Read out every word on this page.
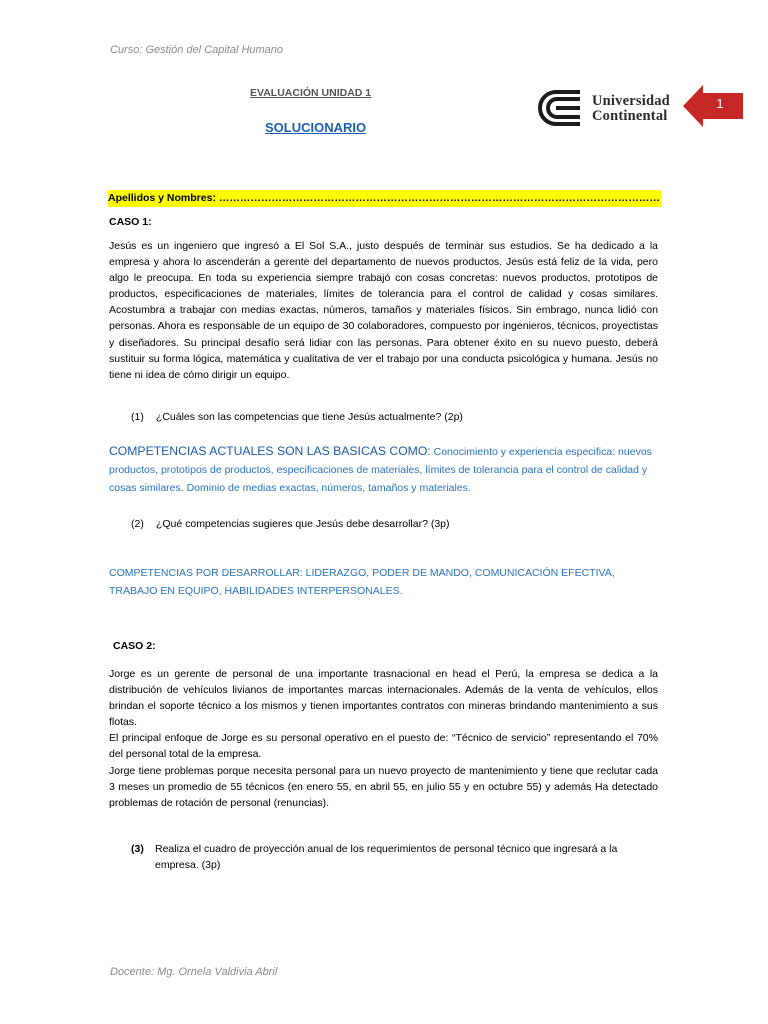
Curso: Gestión del Capital Humano
EVALUACIÓN UNIDAD 1
SOLUCIONARIO
Universidad
Continental
1
Apellidos y Nombres: ………………………………………………………………………………………………………………
CASO 1:
Jesús es un ingeniero que ingresó a El Sol S.A., justo después de terminar sus estudios. Se ha dedicado a la empresa y ahora lo ascenderán a gerente del departamento de nuevos productos. Jesús está feliz de la vida, pero algo le preocupa. En toda su experiencia siempre trabajó con cosas concretas: nuevos productos, prototipos de productos, especificaciones de materiales, límites de tolerancia para el control de calidad y cosas similares. Acostumbra a trabajar con medias exactas, números, tamaños y materiales físicos. Sin embrago, nunca lidió con personas. Ahora es responsable de un equipo de 30 colaboradores, compuesto por ingenieros, técnicos, proyectistas y diseñadores. Su principal desafío será lidiar con las personas. Para obtener éxito en su nuevo puesto, deberá sustituir su forma lógica, matemática y cualitativa de ver el trabajo por una conducta psicológica y humana. Jesús no tiene ni idea de cómo dirigir un equipo.
(1) ¿Cuáles son las competencias que tiene Jesús actualmente? (2p)
COMPETENCIAS ACTUALES SON LAS BASICAS COMO: Conocimiento y experiencia especifica: nuevos productos, prototipos de productos, especificaciones de materiales, límites de tolerancia para el control de calidad y cosas similares. Dominio de medias exactas, números, tamaños y materiales.
(2) ¿Qué competencias sugieres que Jesús debe desarrollar? (3p)
COMPETENCIAS POR DESARROLLAR: LIDERAZGO, PODER DE MANDO, COMUNICACIÓN EFECTIVA, TRABAJO EN EQUIPO, HABILIDADES INTERPERSONALES.
CASO 2:
Jorge es un gerente de personal de una importante trasnacional en head el Perú, la empresa se dedica a la distribución de vehículos livianos de importantes marcas internacionales. Además de la venta de vehículos, ellos brindan el soporte técnico a los mismos y tienen importantes contratos con mineras brindando mantenimiento a sus flotas.
El principal enfoque de Jorge es su personal operativo en el puesto de: “Técnico de servicio” representando el 70% del personal total de la empresa.
Jorge tiene problemas porque necesita personal para un nuevo proyecto de mantenimiento y tiene que reclutar cada 3 meses un promedio de 55 técnicos (en enero 55, en abril 55, en julio 55 y en octubre 55) y además Ha detectado problemas de rotación de personal (renuncias).
(3)	Realiza el cuadro de proyección anual de los requerimientos de personal técnico que ingresará a la empresa. (3p)
Docente: Mg. Ornela Valdivia Abril
